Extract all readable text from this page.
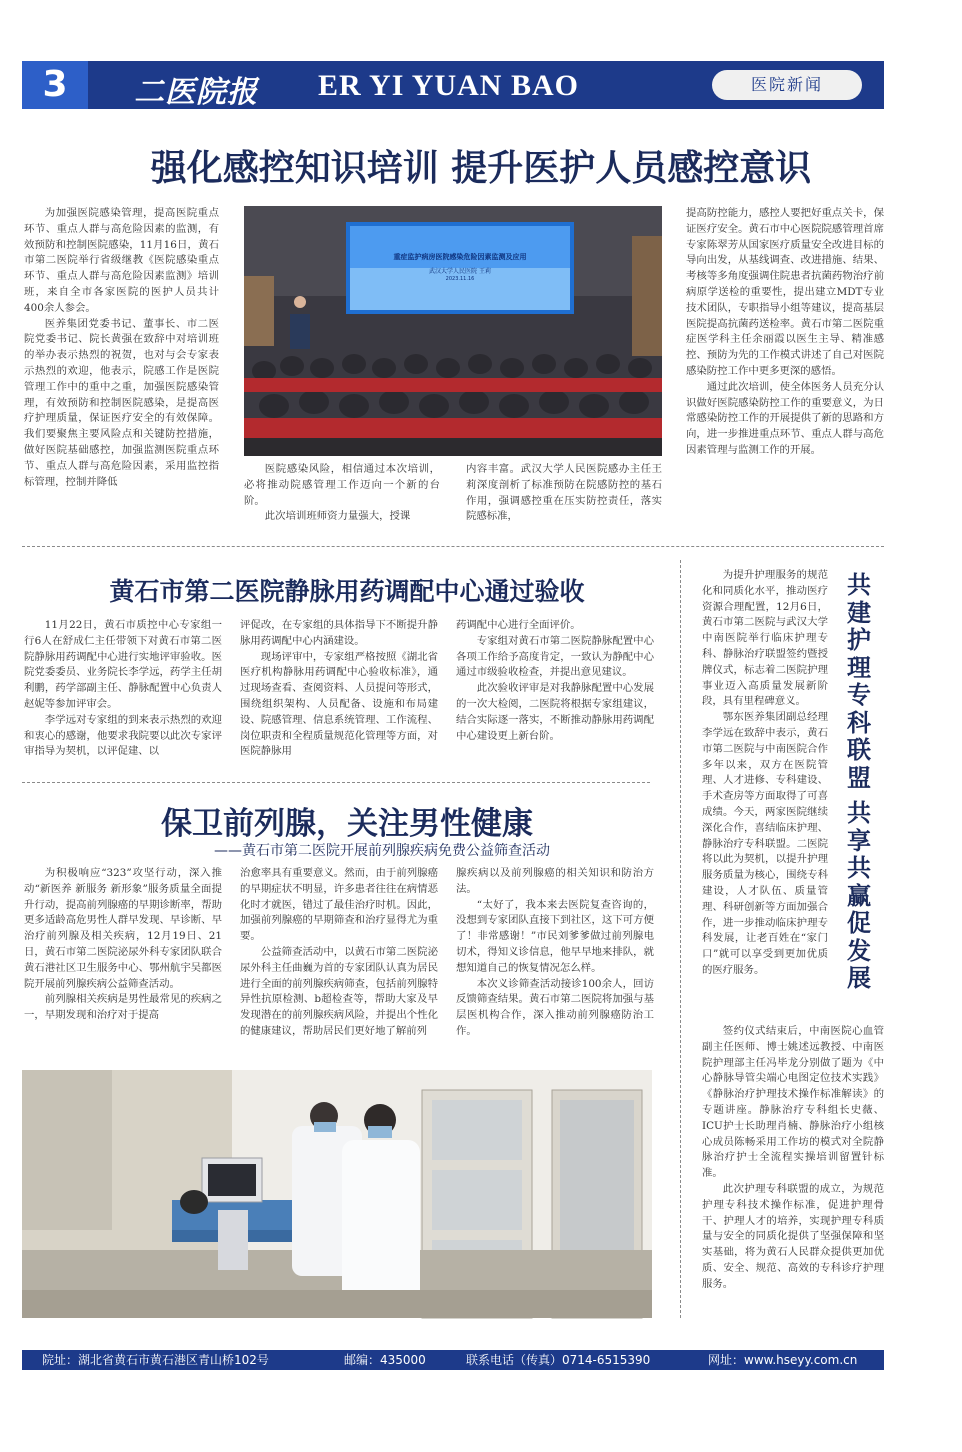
3	二医院报 ER YI YUAN BAO	医院新闻
强化感控知识培训 提升医护人员感控意识

为加强医院感染管理，提高医院重点环节、重点人群与高危险因素的监测，有效预防和控制医院感染，11月16日，黄石市第二医院举行省级继教《医院感染重点环节、重点人群与高危险因素监测》培训班，来自全市各家医院的医护人员共计400余人参会。

医养集团党委书记、董事长、市二医院党委书记、院长黄强在致辞中对培训班的举办表示热烈的祝贺，也对与会专家表示热烈的欢迎，他表示，院感工作是医院管理工作中的重中之重，加强医院感染管理，有效预防和控制医院感染，是提高医疗护理质量，保证医疗安全的有效保障。我们要聚焦主要风险点和关键防控措施，做好医院基础感控，加强监测医院重点环节、重点人群与高危险因素，采用监控指标管理，控制并降低

重症监护病房医院感染危险因素监测及应用
武汉大学人民医院 王莉
2023.11.16

医院感染风险，相信通过本次培训，必将推动院感管理工作迈向一个新的台阶。

此次培训班师资力量强大，授课

内容丰富。武汉大学人民医院感办主任王莉深度剖析了标准预防在院感防控的基石作用，强调感控重在压实防控责任，落实院感标准，

提高防控能力，感控人要把好重点关卡，保证医疗安全。黄石市中心医院院感管理首席专家陈翠芳从国家医疗质量安全改进目标的导向出发，从基线调查、改进措施、结果、考核等多角度强调住院患者抗菌药物治疗前病原学送检的重要性，提出建立MDT专业技术团队，专职指导小组等建议，提高基层医院提高抗菌药送检率。黄石市第二医院重症医学科主任余丽霞以医生主导、精准感控、预防为先的工作模式讲述了自己对医院感染防控工作中更多更深的感悟。

通过此次培训，使全体医务人员充分认识做好医院感染防控工作的重要意义，为日常感染防控工作的开展提供了新的思路和方向，进一步推进重点环节、重点人群与高危因素管理与监测工作的开展。

黄石市第二医院静脉用药调配中心通过验收

11月22日，黄石市质控中心专家组一行6人在舒成仁主任带领下对黄石市第二医院静脉用药调配中心进行实地评审验收。医院党委委员、业务院长李学远，药学主任胡利鹏，药学部副主任、静脉配置中心负责人赵妮等参加评审会。

李学远对专家组的到来表示热烈的欢迎和衷心的感谢，他要求我院要以此次专家评审指导为契机，以评促建、以

评促改，在专家组的具体指导下不断提升静脉用药调配中心内涵建设。

现场评审中，专家组严格按照《湖北省医疗机构静脉用药调配中心验收标准》，通过现场查看、查阅资料、人员提问等形式，围绕组织架构、人员配备、设施和布局建设、院感管理、信息系统管理、工作流程、岗位职责和全程质量规范化管理等方面，对医院静脉用

药调配中心进行全面评价。

专家组对黄石市第二医院静脉配置中心各项工作给予高度肯定，一致认为静配中心通过市级验收检查，并提出意见建议。

此次验收评审是对我静脉配置中心发展的一次大检阅，二医院将根据专家组建议，结合实际逐一落实，不断推动静脉用药调配中心建设更上新台阶。

保卫前列腺，关注男性健康
——黄石市第二医院开展前列腺疾病免费公益筛查活动

为积极响应“323”攻坚行动，深入推动“新医养 新服务 新形象”服务质量全面提升行动，提高前列腺癌的早期诊断率，帮助更多适龄高危男性人群早发现、早诊断、早治疗前列腺及相关疾病，12月19日、21日，黄石市第二医院泌尿外科专家团队联合黄石港社区卫生服务中心、鄂州航宇吴都医院开展前列腺疾病公益筛查活动。

前列腺相关疾病是男性最常见的疾病之一，早期发现和治疗对于提高

治愈率具有重要意义。然而，由于前列腺癌的早期症状不明显，许多患者往往在病情恶化时才就医，错过了最佳治疗时机。因此，加强前列腺癌的早期筛查和治疗显得尤为重要。

公益筛查活动中，以黄石市第二医院泌尿外科主任曲巍为首的专家团队认真为居民进行全面的前列腺疾病筛查，包括前列腺特异性抗原检测、b超检查等，帮助大家及早发现潜在的前列腺疾病风险，并提出个性化的健康建议，帮助居民们更好地了解前列

腺疾病以及前列腺癌的相关知识和防治方法。

“太好了，我本来去医院复查咨询的，没想到专家团队直接下到社区，这下可方便了！非常感谢！”市民刘爹爹做过前列腺电切术，得知义诊信息，他早早地来排队，就想知道自己的恢复情况怎么样。

本次义诊筛查活动接诊100余人，回访反馈筛查结果。黄石市第二医院将加强与基层医机构合作，深入推动前列腺癌防治工作。

为提升护理服务的规范化和同质化水平，推动医疗资源合理配置，12月6日，黄石市第二医院与武汉大学中南医院举行临床护理专科、静脉治疗联盟签约暨授牌仪式，标志着二医院护理事业迈入高质量发展新阶段，具有里程碑意义。

鄂东医养集团副总经理李学远在致辞中表示，黄石市第二医院与中南医院合作多年以来，双方在医院管理、人才进修、专科建设、手术查房等方面取得了可喜成绩。今天，两家医院继续深化合作，喜结临床护理、静脉治疗专科联盟。二医院将以此为契机，以提升护理服务质量为核心，围绕专科建设，人才队伍、质量管理、科研创新等方面加强合作，进一步推动临床护理专科发展，让老百姓在“家门口”就可以享受到更加优质的医疗服务。

共
建
护
理
专
科
联
盟

共
享
共
赢
促
发
展

签约仪式结束后，中南医院心血管副主任医师、博士姚述远教授、中南医院护理部主任冯毕龙分别做了题为《中心静脉导管尖端心电图定位技术实践》《静脉治疗护理技术操作标准解读》的专题讲座。静脉治疗专科组长史薇、ICU护士长助理肖楠、静脉治疗小组核心成员陈畅采用工作坊的模式对全院静脉治疗护士全流程实操培训留置针标准。

此次护理专科联盟的成立，为规范护理专科技术操作标准，促进护理骨干、护理人才的培养，实现护理专科质量与安全的同质化提供了坚强保障和坚　实基础，将为黄石人民群众提供更加优质、安全、规范、高效的专科诊疗护理服务。

院址：湖北省黄石市黄石港区青山桥102号	邮编：435000	联系电话（传真）0714-6515390	网址：www.hseyy.com.cn
